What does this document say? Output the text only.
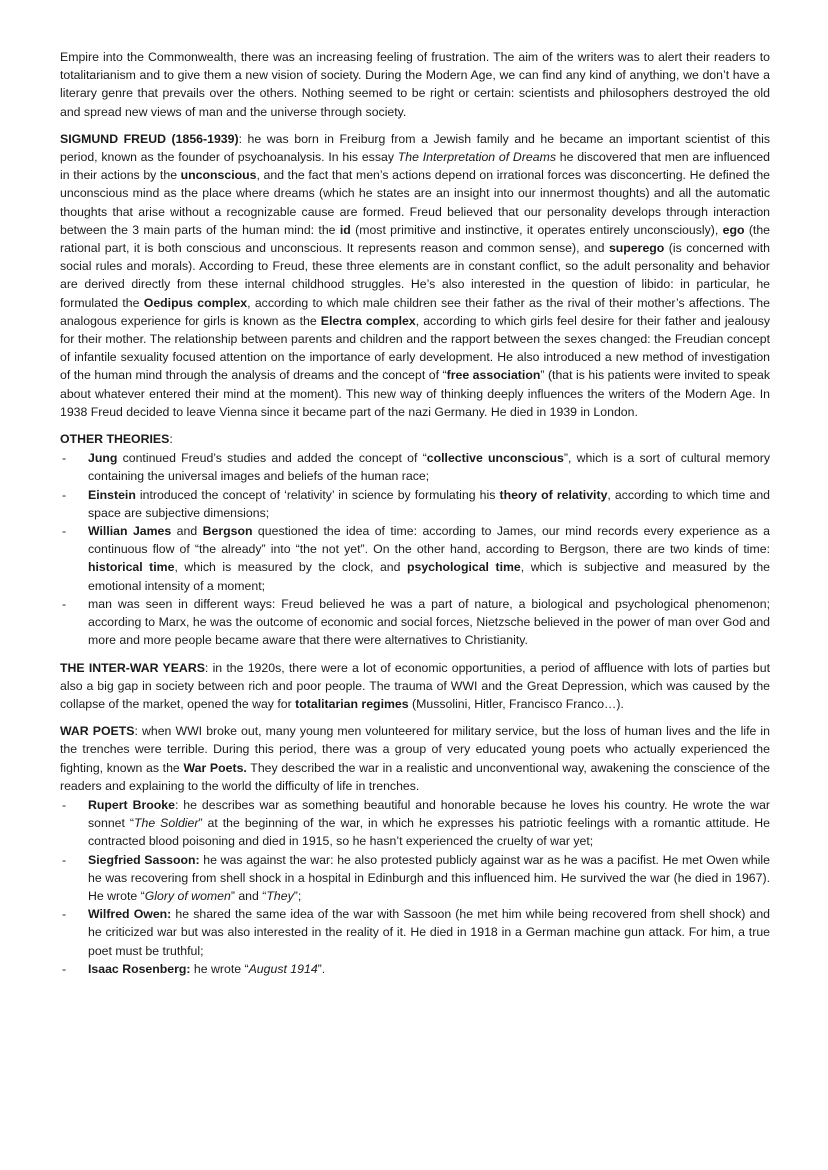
Empire into the Commonwealth, there was an increasing feeling of frustration. The aim of the writers was to alert their readers to totalitarianism and to give them a new vision of society. During the Modern Age, we can find any kind of anything, we don’t have a literary genre that prevails over the others. Nothing seemed to be right or certain: scientists and philosophers destroyed the old and spread new views of man and the universe through society.

SIGMUND FREUD (1856-1939): he was born in Freiburg from a Jewish family and he became an important scientist of this period, known as the founder of psychoanalysis. In his essay The Interpretation of Dreams he discovered that men are influenced in their actions by the unconscious, and the fact that men’s actions depend on irrational forces was disconcerting. He defined the unconscious mind as the place where dreams (which he states are an insight into our innermost thoughts) and all the automatic thoughts that arise without a recognizable cause are formed. Freud believed that our personality develops through interaction between the 3 main parts of the human mind: the id (most primitive and instinctive, it operates entirely unconsciously), ego (the rational part, it is both conscious and unconscious. It represents reason and common sense), and superego (is concerned with social rules and morals). According to Freud, these three elements are in constant conflict, so the adult personality and behavior are derived directly from these internal childhood struggles. He’s also interested in the question of libido: in particular, he formulated the Oedipus complex, according to which male children see their father as the rival of their mother’s affections. The analogous experience for girls is known as the Electra complex, according to which girls feel desire for their father and jealousy for their mother. The relationship between parents and children and the rapport between the sexes changed: the Freudian concept of infantile sexuality focused attention on the importance of early development. He also introduced a new method of investigation of the human mind through the analysis of dreams and the concept of “free association” (that is his patients were invited to speak about whatever entered their mind at the moment). This new way of thinking deeply influences the writers of the Modern Age. In 1938 Freud decided to leave Vienna since it became part of the nazi Germany. He died in 1939 in London.

OTHER THEORIES:

- Jung continued Freud’s studies and added the concept of “collective unconscious”, which is a sort of cultural memory containing the universal images and beliefs of the human race;
- Einstein introduced the concept of ‘relativity’ in science by formulating his theory of relativity, according to which time and space are subjective dimensions;
- Willian James and Bergson questioned the idea of time: according to James, our mind records every experience as a continuous flow of “the already” into “the not yet”. On the other hand, according to Bergson, there are two kinds of time: historical time, which is measured by the clock, and psychological time, which is subjective and measured by the emotional intensity of a moment;
- man was seen in different ways: Freud believed he was a part of nature, a biological and psychological phenomenon; according to Marx, he was the outcome of economic and social forces, Nietzsche believed in the power of man over God and more and more people became aware that there were alternatives to Christianity.

THE INTER-WAR YEARS: in the 1920s, there were a lot of economic opportunities, a period of affluence with lots of parties but also a big gap in society between rich and poor people. The trauma of WWI and the Great Depression, which was caused by the collapse of the market, opened the way for totalitarian regimes (Mussolini, Hitler, Francisco Franco…).

WAR POETS: when WWI broke out, many young men volunteered for military service, but the loss of human lives and the life in the trenches were terrible. During this period, there was a group of very educated young poets who actually experienced the fighting, known as the War Poets. They described the war in a realistic and unconventional way, awakening the conscience of the readers and explaining to the world the difficulty of life in trenches.

- Rupert Brooke: he describes war as something beautiful and honorable because he loves his country. He wrote the war sonnet “The Soldier” at the beginning of the war, in which he expresses his patriotic feelings with a romantic attitude. He contracted blood poisoning and died in 1915, so he hasn’t experienced the cruelty of war yet;
- Siegfried Sassoon: he was against the war: he also protested publicly against war as he was a pacifist. He met Owen while he was recovering from shell shock in a hospital in Edinburgh and this influenced him. He survived the war (he died in 1967). He wrote “Glory of women” and “They”;
- Wilfred Owen: he shared the same idea of the war with Sassoon (he met him while being recovered from shell shock) and he criticized war but was also interested in the reality of it. He died in 1918 in a German machine gun attack. For him, a true poet must be truthful;
- Isaac Rosenberg: he wrote “August 1914”.
